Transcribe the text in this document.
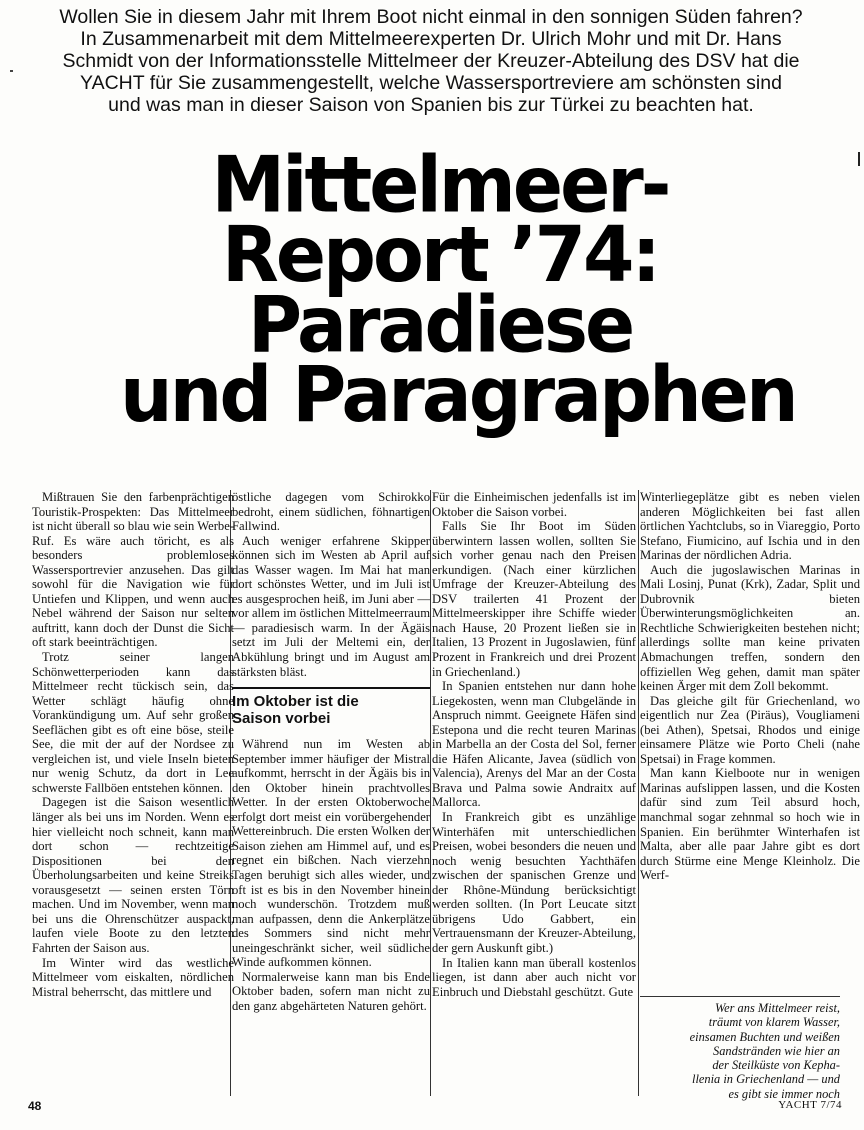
Wollen Sie in diesem Jahr mit Ihrem Boot nicht einmal in den sonnigen Süden fahren?
In Zusammenarbeit mit dem Mittelmeerexperten Dr. Ulrich Mohr und mit Dr. Hans
Schmidt von der Informationsstelle Mittelmeer der Kreuzer-Abteilung des DSV hat die
YACHT für Sie zusammengestellt, welche Wassersportreviere am schönsten sind
und was man in dieser Saison von Spanien bis zur Türkei zu beachten hat.
Mittelmeer-
Report ’74:
Paradiese
und Paragraphen

Mißtrauen Sie den farbenprächtigen Touristik-Prospekten: Das Mittelmeer ist nicht überall so blau wie sein Werbe-Ruf. Es wäre auch töricht, es als besonders problemloses Wassersportrevier anzusehen. Das gilt sowohl für die Navigation wie für Untiefen und Klippen, und wenn auch Nebel während der Saison nur selten auftritt, kann doch der Dunst die Sicht oft stark beeinträchtigen.

Trotz seiner langen Schönwetterperioden kann das Mittelmeer recht tückisch sein, das Wetter schlägt häufig ohne Vorankündigung um. Auf sehr großen Seeflächen gibt es oft eine böse, steile See, die mit der auf der Nordsee zu vergleichen ist, und viele Inseln bieten nur wenig Schutz, da dort in Lee schwerste Fallböen entstehen können.

Dagegen ist die Saison wesentlich länger als bei uns im Norden. Wenn es hier vielleicht noch schneit, kann man dort schon — rechtzeitige Dispositionen bei den Überholungsarbeiten und keine Streiks vorausgesetzt — seinen ersten Törn machen. Und im November, wenn man bei uns die Ohrenschützer auspackt, laufen viele Boote zu den letzten Fahrten der Saison aus.

Im Winter wird das westliche Mittelmeer vom eiskalten, nördlichen Mistral beherrscht, das mittlere und

östliche dagegen vom Schirokko bedroht, einem südlichen, föhnartigen Fallwind.

Auch weniger erfahrene Skipper können sich im Westen ab April auf das Wasser wagen. Im Mai hat man dort schönstes Wetter, und im Juli ist es ausgesprochen heiß, im Juni aber — vor allem im östlichen Mittelmeerraum — paradiesisch warm. In der Ägäis setzt im Juli der Meltemi ein, der Abkühlung bringt und im August am stärksten bläst.

Im Oktober ist die
Saison vorbei

Während nun im Westen ab September immer häufiger der Mistral aufkommt, herrscht in der Ägäis bis in den Oktober hinein prachtvolles Wetter. In der ersten Oktoberwoche erfolgt dort meist ein vorübergehender Wettereinbruch. Die ersten Wolken der Saison ziehen am Himmel auf, und es regnet ein bißchen. Nach vierzehn Tagen beruhigt sich alles wieder, und oft ist es bis in den November hinein noch wunderschön. Trotzdem muß man aufpassen, denn die Ankerplätze des Sommers sind nicht mehr uneingeschränkt sicher, weil südliche Winde aufkommen können.

Normalerweise kann man bis Ende Oktober baden, sofern man nicht zu den ganz abgehärteten Naturen gehört.

Für die Einheimischen jedenfalls ist im Oktober die Saison vorbei.

Falls Sie Ihr Boot im Süden überwintern lassen wollen, sollten Sie sich vorher genau nach den Preisen erkundigen. (Nach einer kürzlichen Umfrage der Kreuzer-Abteilung des DSV trailerten 41 Prozent der Mittelmeerskipper ihre Schiffe wieder nach Hause, 20 Prozent ließen sie in Italien, 13 Prozent in Jugoslawien, fünf Prozent in Frankreich und drei Prozent in Griechenland.)

In Spanien entstehen nur dann hohe Liegekosten, wenn man Clubgelände in Anspruch nimmt. Geeignete Häfen sind Estepona und die recht teuren Marinas in Marbella an der Costa del Sol, ferner die Häfen Alicante, Javea (südlich von Valencia), Arenys del Mar an der Costa Brava und Palma sowie Andraitx auf Mallorca.

In Frankreich gibt es unzählige Winterhäfen mit unterschiedlichen Preisen, wobei besonders die neuen und noch wenig besuchten Yachthäfen zwischen der spanischen Grenze und der Rhône-Mündung berücksichtigt werden sollten. (In Port Leucate sitzt übrigens Udo Gabbert, ein Vertrauensmann der Kreuzer-Abteilung, der gern Auskunft gibt.)

In Italien kann man überall kostenlos liegen, ist dann aber auch nicht vor Einbruch und Diebstahl geschützt. Gute

Winterliegeplätze gibt es neben vielen anderen Möglichkeiten bei fast allen örtlichen Yachtclubs, so in Viareggio, Porto Stefano, Fiumicino, auf Ischia und in den Marinas der nördlichen Adria.

Auch die jugoslawischen Marinas in Mali Losinj, Punat (Krk), Zadar, Split und Dubrovnik bieten Überwinterungsmöglichkeiten an. Rechtliche Schwierigkeiten bestehen nicht; allerdings sollte man keine privaten Abmachungen treffen, sondern den offiziellen Weg gehen, damit man später keinen Ärger mit dem Zoll bekommt.

Das gleiche gilt für Griechenland, wo eigentlich nur Zea (Piräus), Vougliameni (bei Athen), Spetsai, Rhodos und einige einsamere Plätze wie Porto Cheli (nahe Spetsai) in Frage kommen.

Man kann Kielboote nur in wenigen Marinas aufslippen lassen, und die Kosten dafür sind zum Teil absurd hoch, manchmal sogar zehnmal so hoch wie in Spanien. Ein berühmter Winterhafen ist Malta, aber alle paar Jahre gibt es dort durch Stürme eine Menge Kleinholz. Die Werf-

Wer ans Mittelmeer reist,
träumt von klarem Wasser,
einsamen Buchten und weißen
Sandstränden wie hier an
der Steilküste von Kepha-
llenia in Griechenland — und
es gibt sie immer noch
48	YACHT 7/74
